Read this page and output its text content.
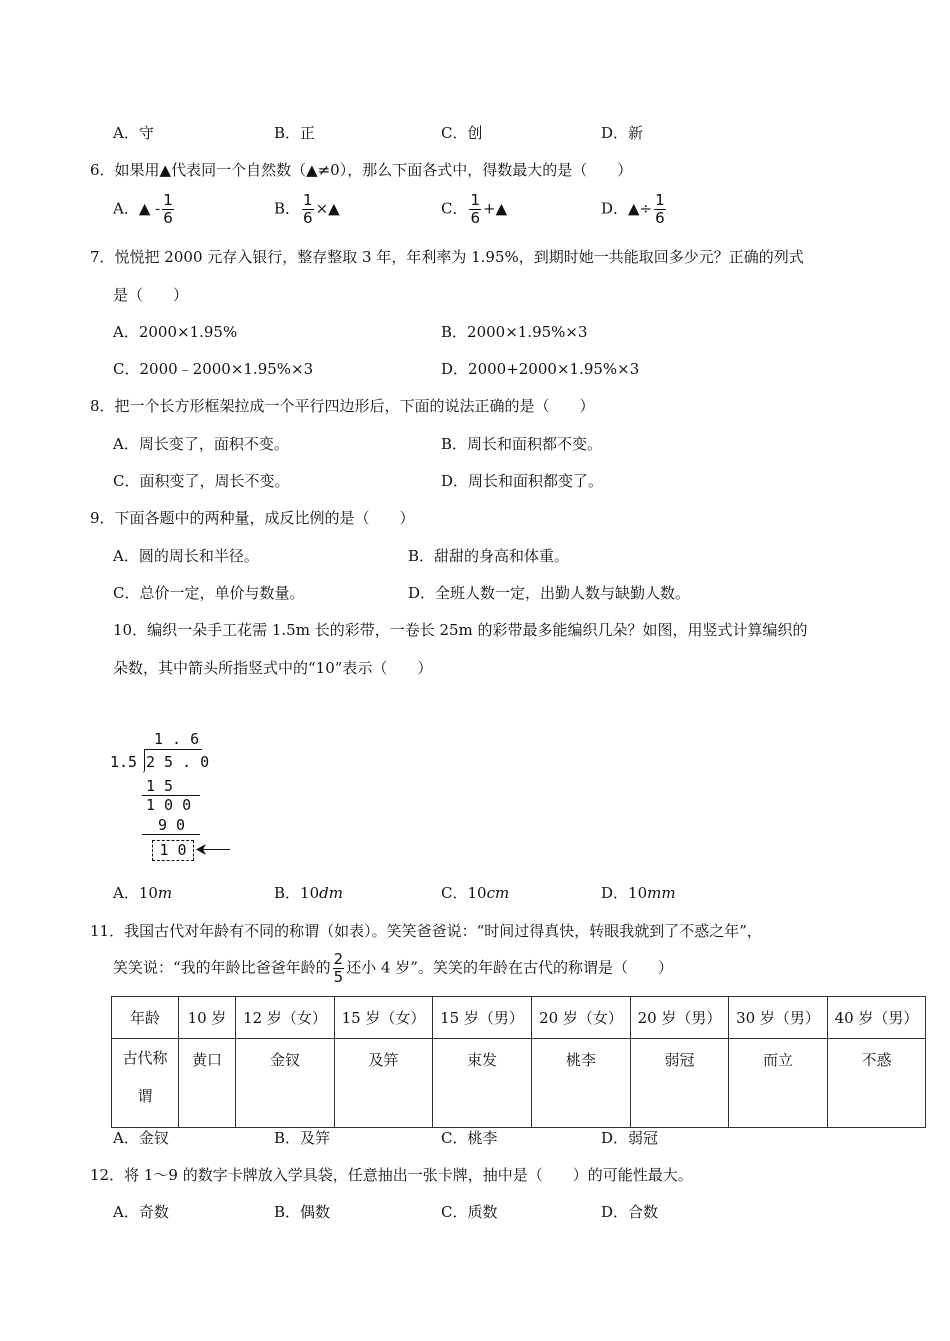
A．守	B．正	C．创	D．新
6．如果用▲代表同一个自然数（▲≠0），那么下面各式中，得数最大的是（　　）
A．▲ - $\frac{1}{6}$	B． $\frac{1}{6}$ ×▲	C． $\frac{1}{6}$ +▲	D．▲÷ $\frac{1}{6}$
7．悦悦把 2000 元存入银行，整存整取 3 年，年利率为 1.95%，到期时她一共能取回多少元？正确的列式
是（　　）
A．2000×1.95%	B．2000×1.95%×3
C．2000﹣2000×1.95%×3	D．2000+2000×1.95%×3
8．把一个长方形框架拉成一个平行四边形后，下面的说法正确的是（　　）
A．周长变了，面积不变。	B．周长和面积都不变。
C．面积变了，周长不变。	D．周长和面积都变了。
9．下面各题中的两种量，成反比例的是（　　）
A．圆的周长和半径。	B．甜甜的身高和体重。
C．总价一定，单价与数量。	D．全班人数一定，出勤人数与缺勤人数。
10．编织一朵手工花需 1.5m 长的彩带，一卷长 25m 的彩带最多能编织几朵？如图，用竖式计算编织的
朵数，其中箭头所指竖式中的“10”表示（　　）
1 . 6
1.5 2 5 . 0
1 5
1 0 0
9 0
1 0
A．10m	B．10dm	C．10cm	D．10mm
11．我国古代对年龄有不同的称谓（如表）。笑笑爸爸说：“时间过得真快，转眼我就到了不惑之年”，
笑笑说：“我的年龄比爸爸年龄的 $\frac{2}{5}$ 还小 4 岁”。笑笑的年龄在古代的称谓是（　　）
年龄	10 岁	12 岁（女）	15 岁（女）	15 岁（男）	20 岁（女）	20 岁（男）	30 岁（男）	40 岁（男）

古代称
谓	黄口	金钗	及笄	束发	桃李	弱冠	而立	不惑
A．金钗	B．及笄	C．桃李	D．弱冠
12．将 1～9 的数字卡牌放入学具袋，任意抽出一张卡牌，抽中是（　　）的可能性最大。
A．奇数	B．偶数	C．质数	D．合数
